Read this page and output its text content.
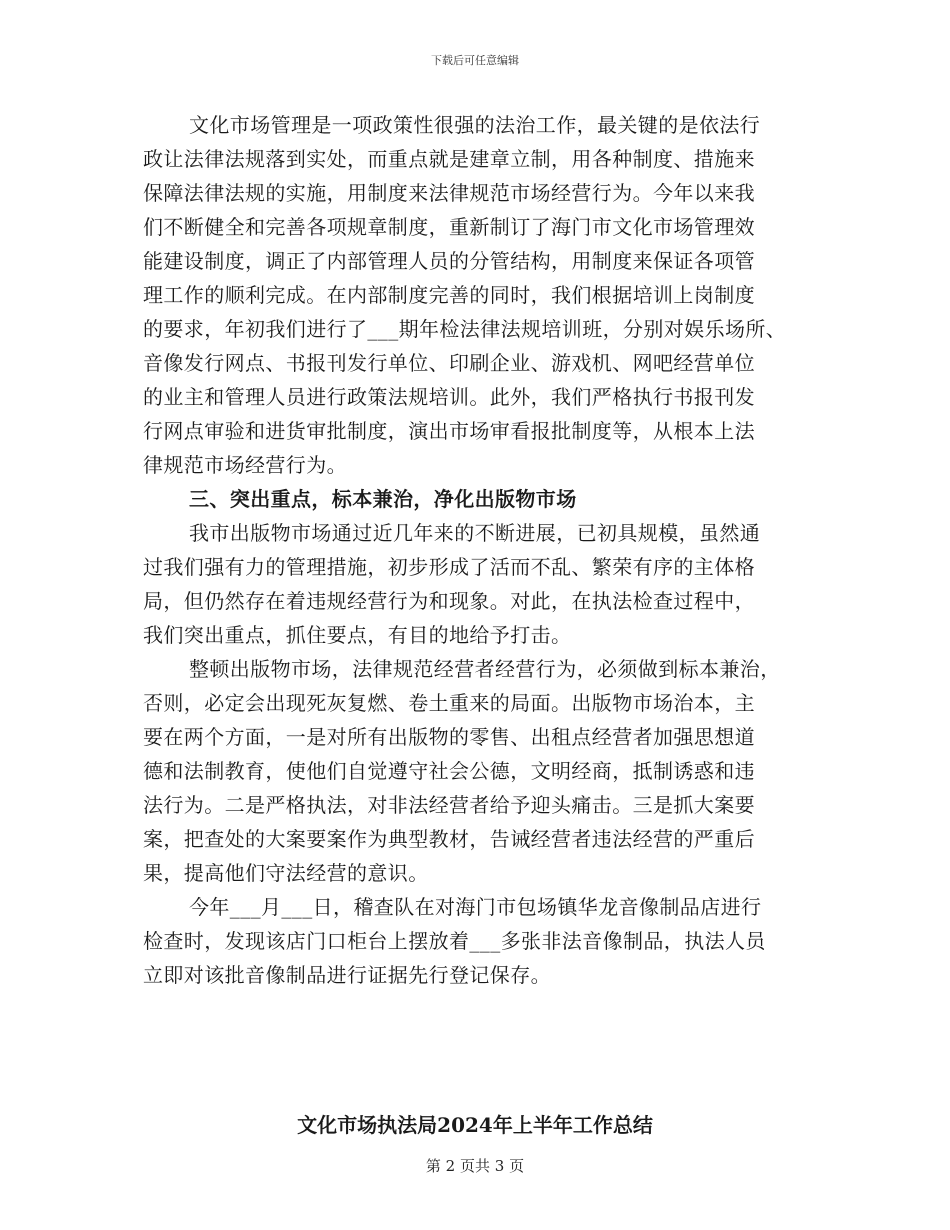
下载后可任意编辑
文化市场管理是一项政策性很强的法治工作，最关键的是依法行
政让法律法规落到实处，而重点就是建章立制，用各种制度、措施来
保障法律法规的实施，用制度来法律规范市场经营行为。今年以来我
们不断健全和完善各项规章制度，重新制订了海门市文化市场管理效
能建设制度，调正了内部管理人员的分管结构，用制度来保证各项管
理工作的顺利完成。在内部制度完善的同时，我们根据培训上岗制度
的要求，年初我们进行了___期年检法律法规培训班，分别对娱乐场所、
音像发行网点、书报刊发行单位、印刷企业、游戏机、网吧经营单位
的业主和管理人员进行政策法规培训。此外，我们严格执行书报刊发
行网点审验和进货审批制度，演出市场审看报批制度等，从根本上法
律规范市场经营行为。
三、突出重点，标本兼治，净化出版物市场
我市出版物市场通过近几年来的不断进展，已初具规模，虽然通
过我们强有力的管理措施，初步形成了活而不乱、繁荣有序的主体格
局，但仍然存在着违规经营行为和现象。对此，在执法检查过程中，
我们突出重点，抓住要点，有目的地给予打击。
整顿出版物市场，法律规范经营者经营行为，必须做到标本兼治，
否则，必定会出现死灰复燃、卷土重来的局面。出版物市场治本，主
要在两个方面，一是对所有出版物的零售、出租点经营者加强思想道
德和法制教育，使他们自觉遵守社会公德，文明经商，抵制诱惑和违
法行为。二是严格执法，对非法经营者给予迎头痛击。三是抓大案要
案，把查处的大案要案作为典型教材，告诫经营者违法经营的严重后
果，提高他们守法经营的意识。
今年___月___日，稽查队在对海门市包场镇华龙音像制品店进行
检查时，发现该店门口柜台上摆放着___多张非法音像制品，执法人员
立即对该批音像制品进行证据先行登记保存。
文化市场执法局2024年上半年工作总结
第 2 页共 3 页
